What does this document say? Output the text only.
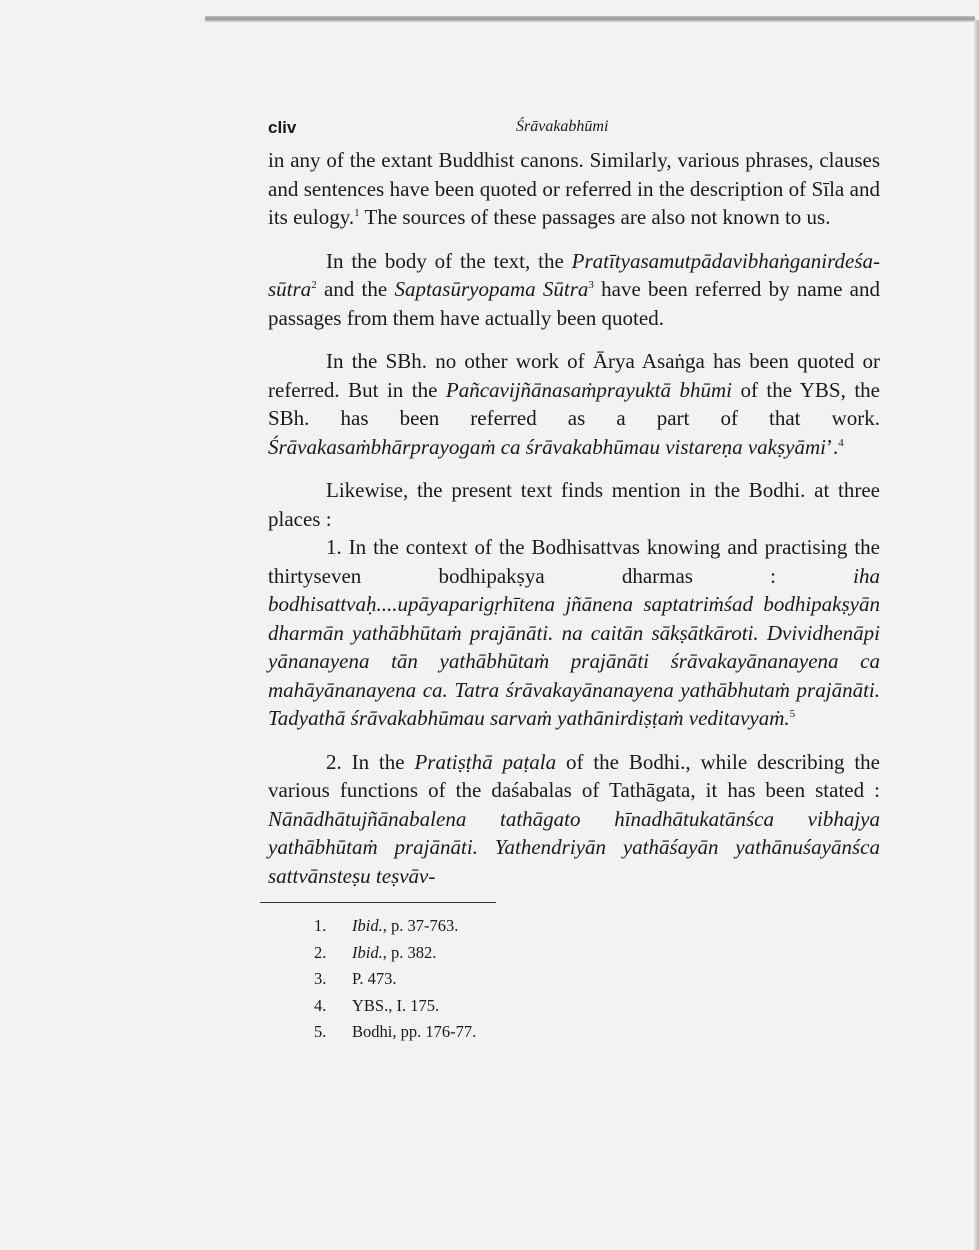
cliv	Śrāvakabhūmi

in any of the extant Buddhist canons. Similarly, various phrases, clauses and sentences have been quoted or referred in the description of Sīla and its eulogy.$^1$ The sources of these passages are also not known to us.

In the body of the text, the Pratītyasamutpādavibhaṅganirdeśa-sūtra$^2$ and the Saptasūryopama Sūtra$^3$ have been referred by name and passages from them have actually been quoted.

In the SBh. no other work of Ārya Asaṅga has been quoted or referred. But in the Pañcavijñānasaṁprayuktā bhūmi of the YBS, the SBh. has been referred as a part of that work. Śrāvakasaṁbhārprayogaṁ ca śrāvakabhūmau vistareṇa vakṣyāmi’.$^4$

Likewise, the present text finds mention in the Bodhi. at three places :

1. In the context of the Bodhisattvas knowing and practising the thirtyseven bodhipakṣya dharmas : iha bodhisattvaḥ....upāyaparigṛhītena jñānena saptatriṁśad bodhipakṣyān dharmān yathābhūtaṁ prajānāti. na caitān sākṣātkāroti. Dvividhenāpi yānanayena tān yathābhūtaṁ prajānāti śrāvakayānanayena ca mahāyānanayena ca. Tatra śrāvakayānanayena yathābhutaṁ prajānāti. Tadyathā śrāvakabhūmau sarvaṁ yathānirdiṣṭaṁ veditavyaṁ.$^5$

2. In the Pratiṣṭhā paṭala of the Bodhi., while describing the various functions of the daśabalas of Tathāgata, it has been stated : Nānādhātujñānabalena tathāgato hīnadhātukatānśca vibhajya yathābhūtaṁ prajānāti. Yathendriyān yathāśayān yathānuśayānśca sattvānsteṣu teṣvāv-

1.	Ibid., p. 37-763.
2.	Ibid., p. 382.
3.	P. 473.
4.	YBS., I. 175.
5.	Bodhi, pp. 176-77.
